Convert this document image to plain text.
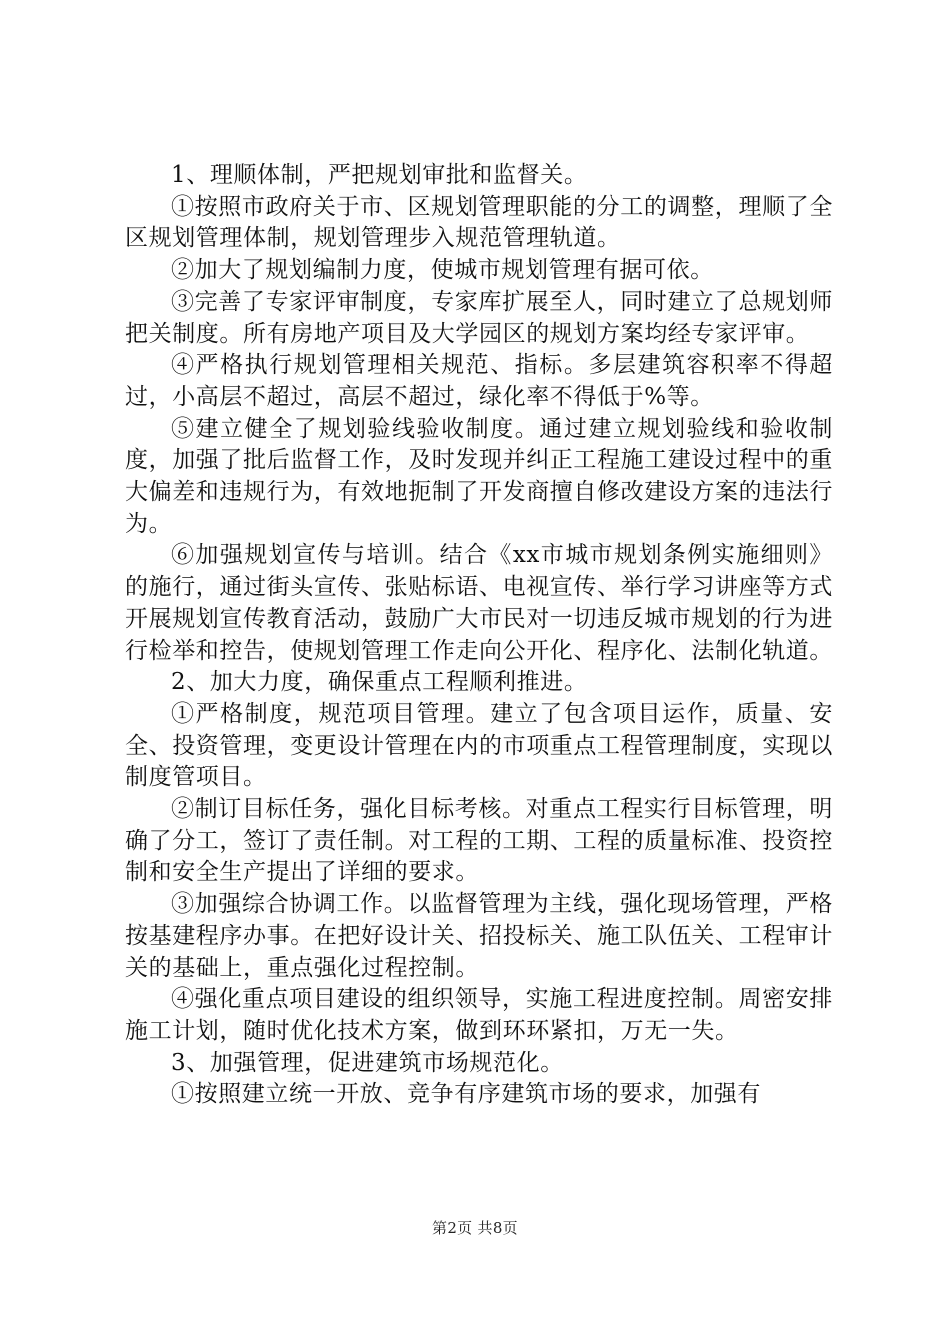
1、理顺体制，严把规划审批和监督关。

①按照市政府关于市、区规划管理职能的分工的调整，理顺了全区规划管理体制，规划管理步入规范管理轨道。

②加大了规划编制力度，使城市规划管理有据可依。

③完善了专家评审制度，专家库扩展至人，同时建立了总规划师把关制度。所有房地产项目及大学园区的规划方案均经专家评审。

④严格执行规划管理相关规范、指标。多层建筑容积率不得超过，小高层不超过，高层不超过，绿化率不得低于%等。

⑤建立健全了规划验线验收制度。通过建立规划验线和验收制度，加强了批后监督工作，及时发现并纠正工程施工建设过程中的重大偏差和违规行为，有效地扼制了开发商擅自修改建设方案的违法行为。

⑥加强规划宣传与培训。结合《xx市城市规划条例实施细则》的施行，通过街头宣传、张贴标语、电视宣传、举行学习讲座等方式开展规划宣传教育活动，鼓励广大市民对一切违反城市规划的行为进行检举和控告，使规划管理工作走向公开化、程序化、法制化轨道。

2、加大力度，确保重点工程顺利推进。

①严格制度，规范项目管理。建立了包含项目运作，质量、安全、投资管理，变更设计管理在内的市项重点工程管理制度，实现以制度管项目。

②制订目标任务，强化目标考核。对重点工程实行目标管理，明确了分工，签订了责任制。对工程的工期、工程的质量标准、投资控制和安全生产提出了详细的要求。

③加强综合协调工作。以监督管理为主线，强化现场管理，严格按基建程序办事。在把好设计关、招投标关、施工队伍关、工程审计关的基础上，重点强化过程控制。

④强化重点项目建设的组织领导，实施工程进度控制。周密安排施工计划，随时优化技术方案，做到环环紧扣，万无一失。

3、加强管理，促进建筑市场规范化。

①按照建立统一开放、竞争有序建筑市场的要求，加强有

第2页 共8页
